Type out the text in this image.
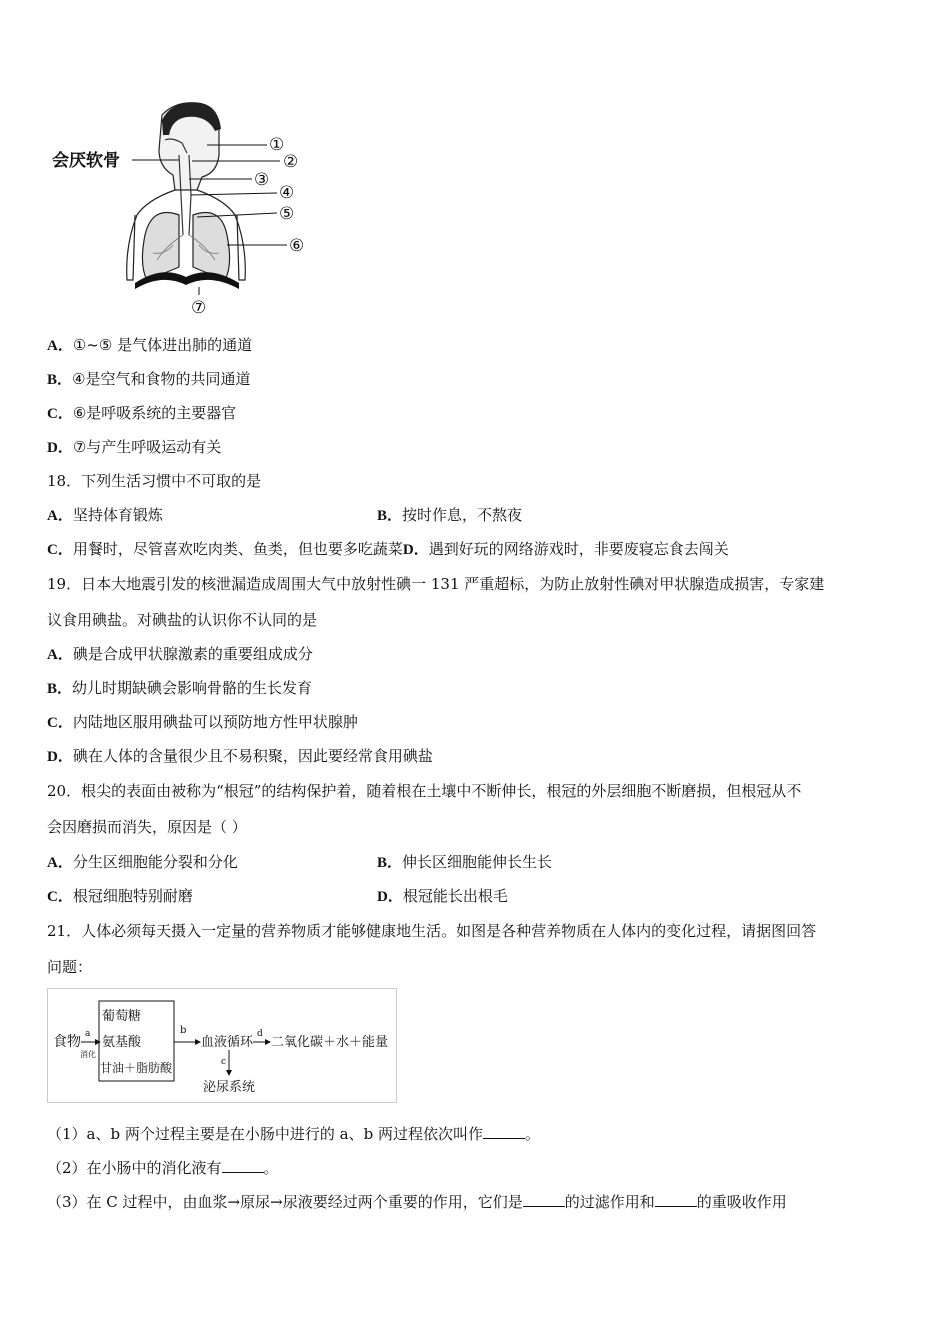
会厌软骨
①
②
③
④
⑤
⑥
⑦
A．①~⑤ 是气体进出肺的通道
B．④是空气和食物的共同通道
C．⑥是呼吸系统的主要器官
D．⑦与产生呼吸运动有关
18．下列生活习惯中不可取的是
A．坚持体育锻炼	B．按时作息，不熬夜
C．用餐时，尽管喜欢吃肉类、鱼类，但也要多吃蔬菜D．遇到好玩的网络游戏时，非要废寝忘食去闯关
19．日本大地震引发的核泄漏造成周围大气中放射性碘一 131 严重超标，为防止放射性碘对甲状腺造成损害，专家建
议食用碘盐。对碘盐的认识你不认同的是
A．碘是合成甲状腺激素的重要组成成分
B．幼儿时期缺碘会影响骨骼的生长发育
C．内陆地区服用碘盐可以预防地方性甲状腺肿
D．碘在人体的含量很少且不易积聚，因此要经常食用碘盐
20．根尖的表面由被称为“根冠”的结构保护着，随着根在土壤中不断伸长，根冠的外层细胞不断磨损，但根冠从不
会因磨损而消失，原因是（ ）
A．分生区细胞能分裂和分化	B．伸长区细胞能伸长生长
C．根冠细胞特别耐磨	D．根冠能长出根毛
21．人体必须每天摄入一定量的营养物质才能够健康地生活。如图是各种营养物质在人体内的变化过程，请据图回答
问题：
食物 a
消化
葡萄糖
氨基酸
甘油＋脂肪酸
b
血液循环
d
二氧化碳＋水＋能量
c
泌尿系统
（1）a、b 两个过程主要是在小肠中进行的 a、b 两过程依次叫作	。
（2）在小肠中的消化液有	。
（3）在 C 过程中，由血浆→原尿→尿液要经过两个重要的作用，它们是	的过滤作用和	的重吸收作用
